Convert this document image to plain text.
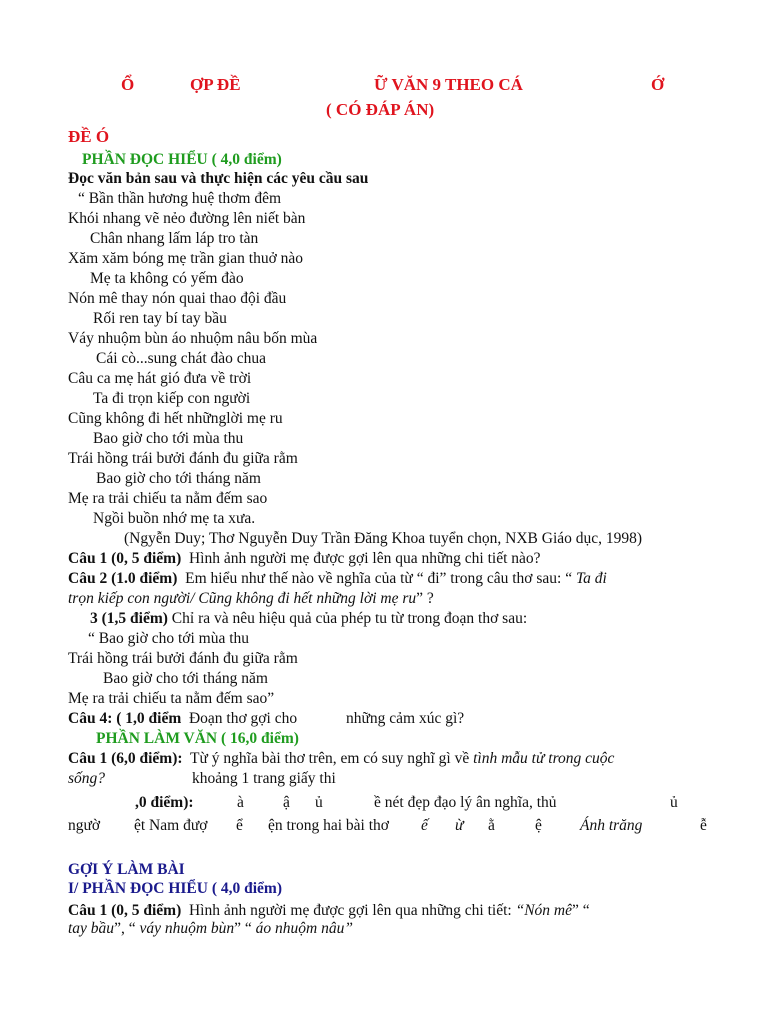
Ổ	ỢP ĐỀ	Ữ VĂN 9 THEO CÁ	Ớ
( CÓ ĐÁP ÁN)
ĐỀ Ó
PHẦN ĐỌC HIỂU ( 4,0 điểm)
Đọc văn bản sau và thực hiện các yêu cầu sau
“ Bần thần hương huệ thơm đêm
Khói nhang vẽ nẻo đường lên niết bàn
Chân nhang lấm láp tro tàn
Xăm xăm bóng mẹ trần gian thuở nào
Mẹ ta không có yếm đào
Nón mê thay nón quai thao đội đầu
Rối ren tay bí tay bầu
Váy nhuộm bùn áo nhuộm nâu bốn mùa
Cái cò...sung chát đào chua
Câu ca mẹ hát gió đưa về trời
Ta đi trọn kiếp con người
Cũng không đi hết nhữnglời mẹ ru
Bao giờ cho tới mùa thu
Trái hồng trái bưởi đánh đu giữa rằm
Bao giờ cho tới tháng năm
Mẹ ra trải chiếu ta nằm đếm sao
Ngồi buồn nhớ mẹ ta xưa.
(Ngyễn Duy; Thơ Nguyễn Duy Trần Đăng Khoa tuyển chọn, NXB Giáo dục, 1998)
Câu 1 (0, 5 điểm) Hình ảnh người mẹ được gợi lên qua những chi tiết nào?
Câu 2 (1.0 điểm) Em hiểu như thế nào về nghĩa của từ “ đi” trong câu thơ sau: “ Ta đi
trọn kiếp con người/ Cũng không đi hết những lời mẹ ru” ?
3 (1,5 điểm) Chỉ ra và nêu hiệu quả của phép tu từ trong đoạn thơ sau:
“ Bao giờ cho tới mùa thu
Trái hồng trái bưởi đánh đu giữa rằm
Bao giờ cho tới tháng năm
Mẹ ra trải chiếu ta nằm đếm sao”
Câu 4: ( 1,0 điểm Đoạn thơ gợi cho	những cảm xúc gì?
PHẦN LÀM VĂN ( 16,0 điểm)
Câu 1 (6,0 điểm): Từ ý nghĩa bài thơ trên, em có suy nghĩ gì về tình mẫu tử trong cuộc
sống?	khoảng 1 trang giấy thi
,0 điểm):	à	ậ ủ	ề nét đẹp đạo lý ân nghĩa, thủ	ủ
ngườ ệt Nam đượ ể ện trong hai bài thơ ế ừ ằ	ệ Ánh trăng	ễ
GỢI Ý LÀM BÀI
I/ PHẦN ĐỌC HIỂU ( 4,0 điểm)
Câu 1 (0, 5 điểm) Hình ảnh người mẹ được gợi lên qua những chi tiết: “Nón mê” “
tay bầu”, “ váy nhuộm bùn” “ áo nhuộm nâu”
